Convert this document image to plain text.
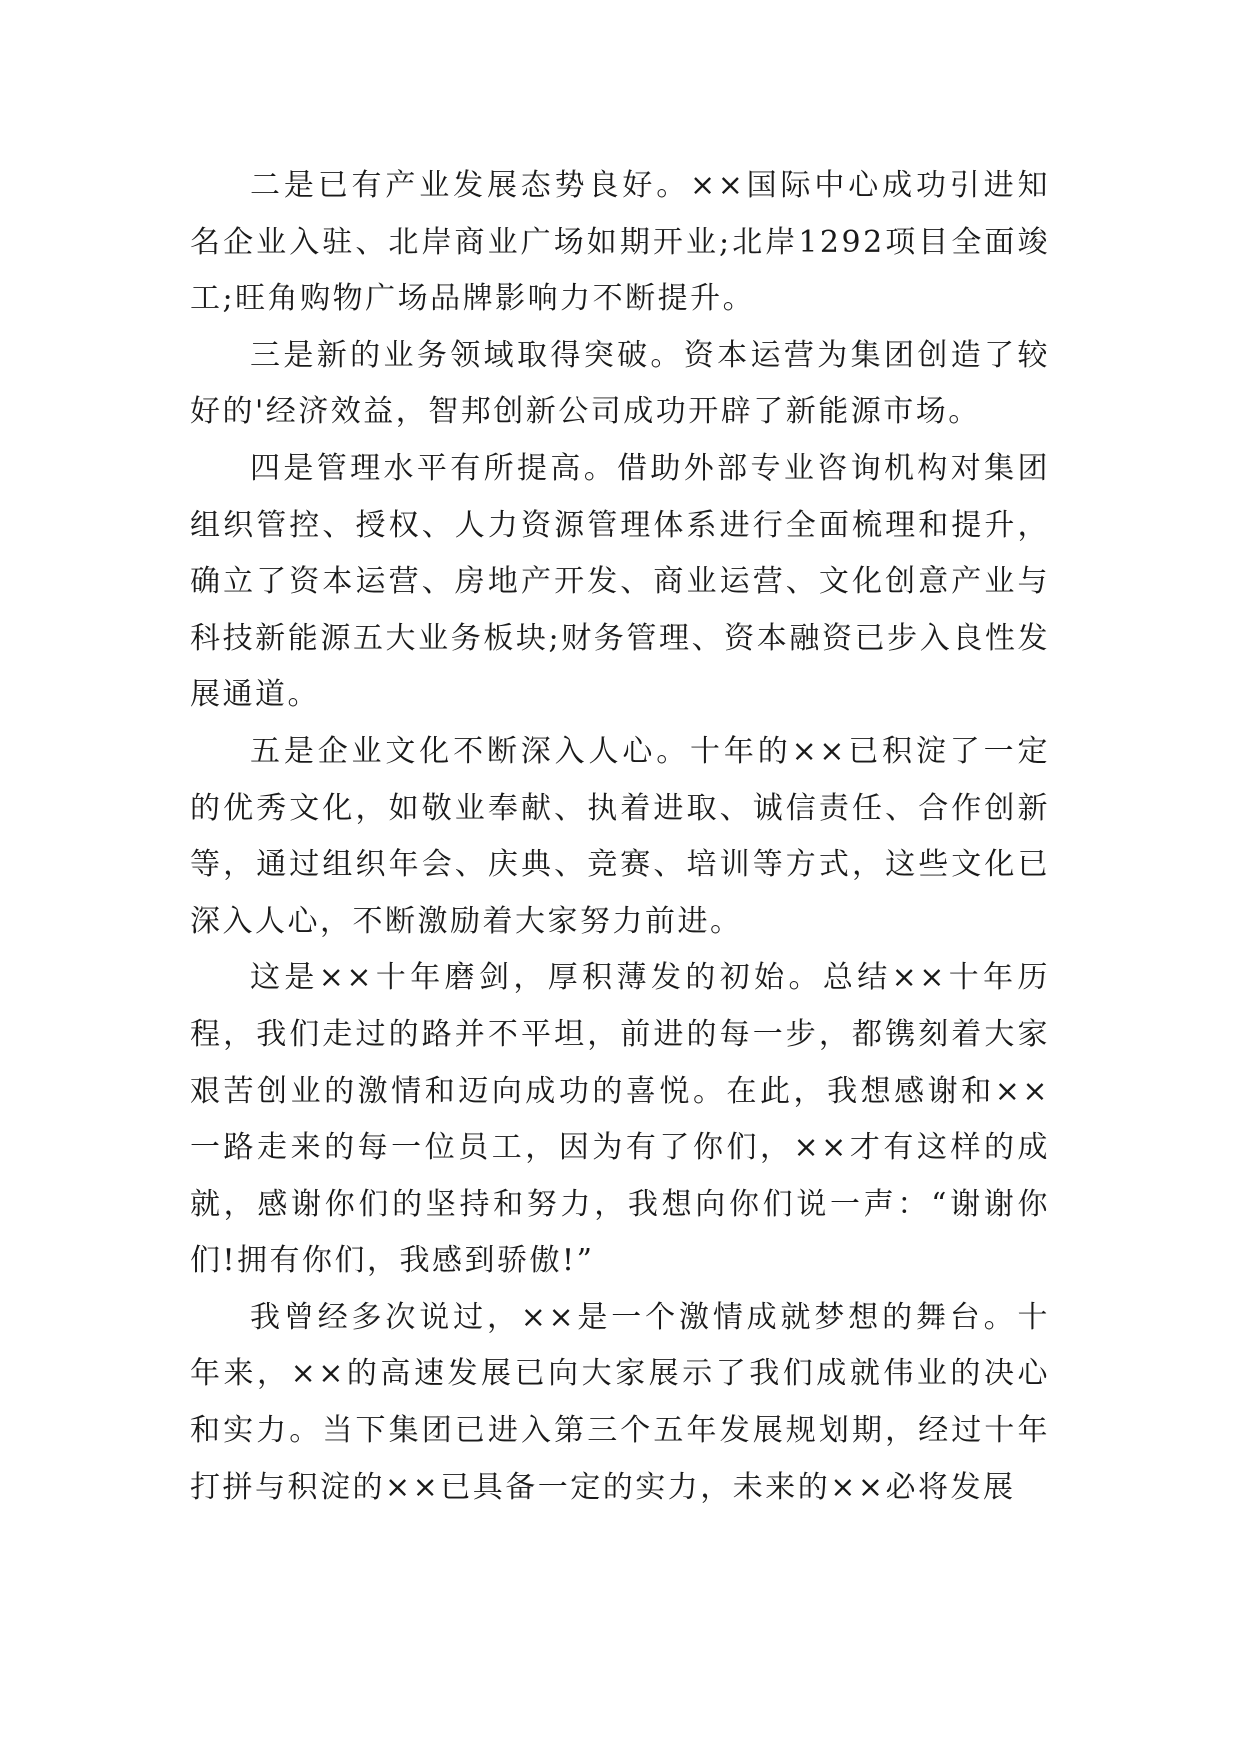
二是已有产业发展态势良好。××国际中心成功引进知名企业入驻、北岸商业广场如期开业;北岸1292项目全面竣工;旺角购物广场品牌影响力不断提升。

三是新的业务领域取得突破。资本运营为集团创造了较好的'经济效益，智邦创新公司成功开辟了新能源市场。

四是管理水平有所提高。借助外部专业咨询机构对集团组织管控、授权、人力资源管理体系进行全面梳理和提升，确立了资本运营、房地产开发、商业运营、文化创意产业与科技新能源五大业务板块;财务管理、资本融资已步入良性发展通道。

五是企业文化不断深入人心。十年的××已积淀了一定的优秀文化，如敬业奉献、执着进取、诚信责任、合作创新等，通过组织年会、庆典、竞赛、培训等方式，这些文化已深入人心，不断激励着大家努力前进。

这是××十年磨剑，厚积薄发的初始。总结××十年历程，我们走过的路并不平坦，前进的每一步，都镌刻着大家艰苦创业的激情和迈向成功的喜悦。在此，我想感谢和××一路走来的每一位员工，因为有了你们，××才有这样的成就，感谢你们的坚持和努力，我想向你们说一声：“谢谢你们!拥有你们，我感到骄傲!”

我曾经多次说过，××是一个激情成就梦想的舞台。十年来，××的高速发展已向大家展示了我们成就伟业的决心和实力。当下集团已进入第三个五年发展规划期，经过十年打拼与积淀的××已具备一定的实力，未来的××必将发展
